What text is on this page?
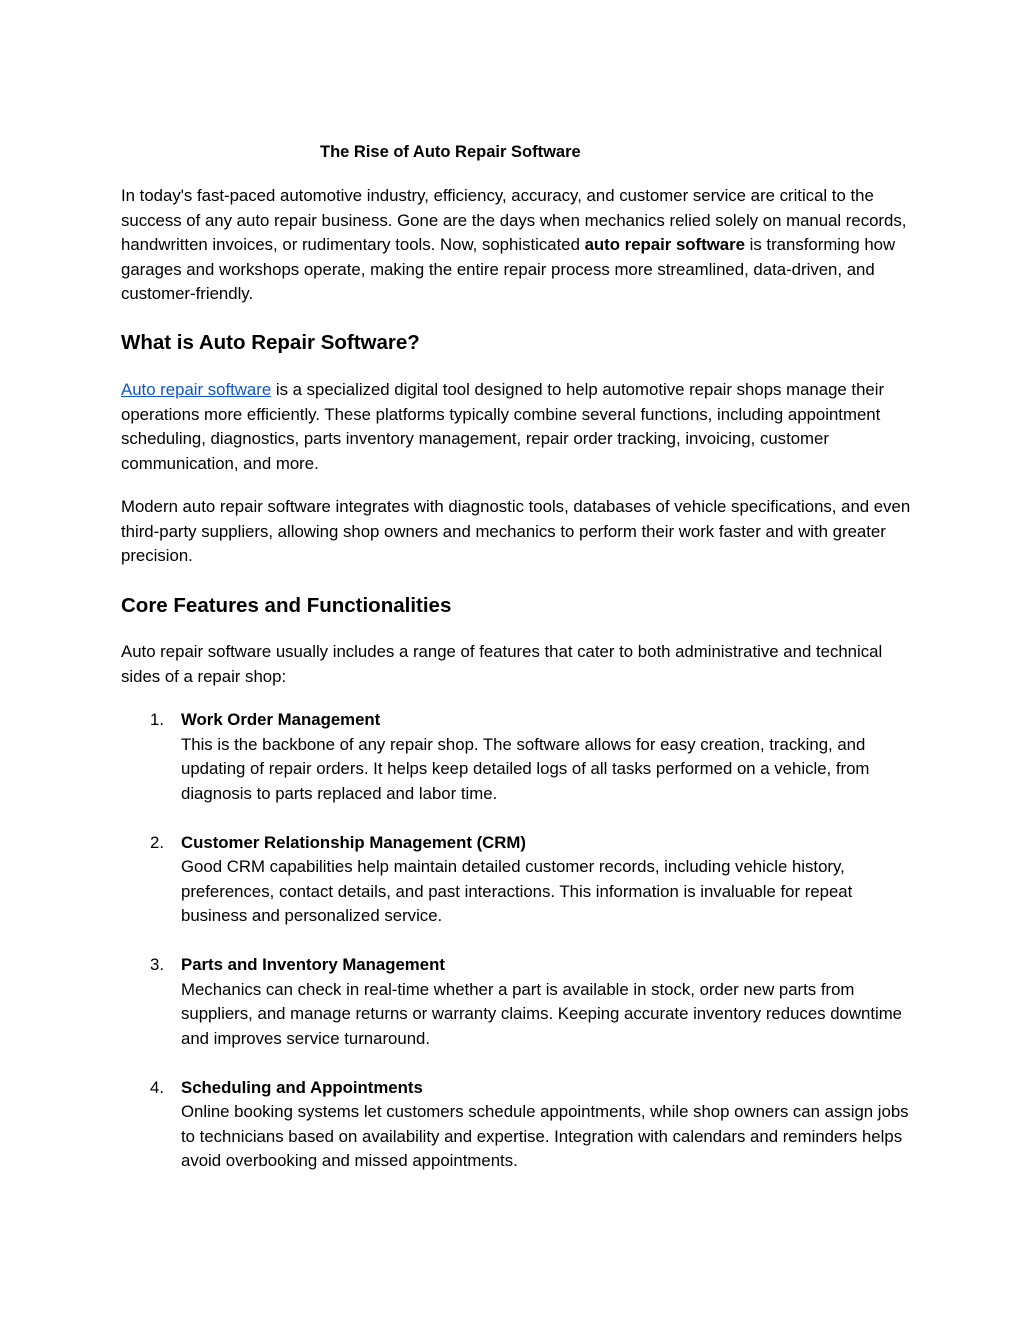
The Rise of Auto Repair Software

In today's fast-paced automotive industry, efficiency, accuracy, and customer service are critical to the success of any auto repair business. Gone are the days when mechanics relied solely on manual records, handwritten invoices, or rudimentary tools. Now, sophisticated auto repair software is transforming how garages and workshops operate, making the entire repair process more streamlined, data-driven, and customer-friendly.

What is Auto Repair Software?

Auto repair software is a specialized digital tool designed to help automotive repair shops manage their operations more efficiently. These platforms typically combine several functions, including appointment scheduling, diagnostics, parts inventory management, repair order tracking, invoicing, customer communication, and more.

Modern auto repair software integrates with diagnostic tools, databases of vehicle specifications, and even third-party suppliers, allowing shop owners and mechanics to perform their work faster and with greater precision.

Core Features and Functionalities

Auto repair software usually includes a range of features that cater to both administrative and technical sides of a repair shop:

1. Work Order Management
This is the backbone of any repair shop. The software allows for easy creation, tracking, and updating of repair orders. It helps keep detailed logs of all tasks performed on a vehicle, from diagnosis to parts replaced and labor time.
2. Customer Relationship Management (CRM)
Good CRM capabilities help maintain detailed customer records, including vehicle history, preferences, contact details, and past interactions. This information is invaluable for repeat business and personalized service.
3. Parts and Inventory Management
Mechanics can check in real-time whether a part is available in stock, order new parts from suppliers, and manage returns or warranty claims. Keeping accurate inventory reduces downtime and improves service turnaround.
4. Scheduling and Appointments
Online booking systems let customers schedule appointments, while shop owners can assign jobs to technicians based on availability and expertise. Integration with calendars and reminders helps avoid overbooking and missed appointments.
